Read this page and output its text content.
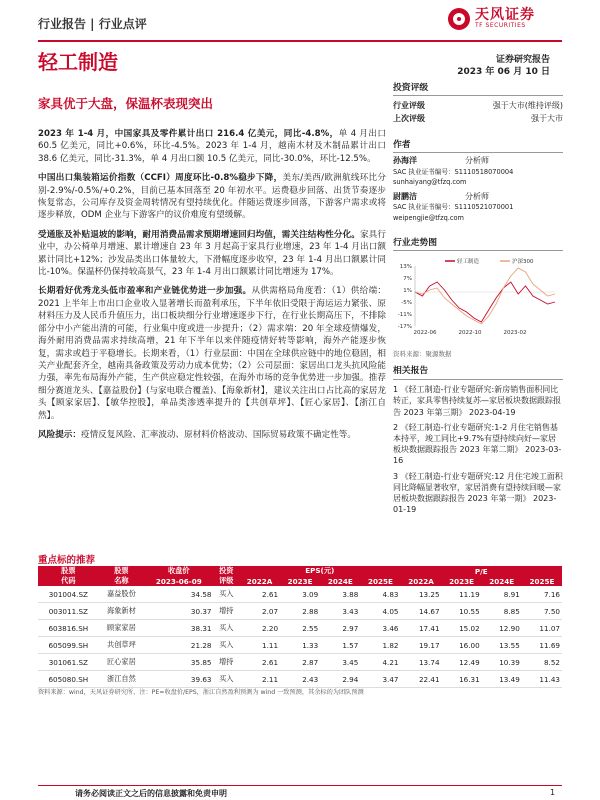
行业报告 | 行业点评
天风证券
TF SECURITIES
轻工制造	证券研究报告
2023 年 06 月 10 日
家具优于大盘，保温杯表现突出

2023 年 1-4 月，中国家具及零件累计出口 216.4 亿美元，同比-4.8%，单 4 月出口 60.5 亿美元，同比+0.6%，环比-4.5%。2023 年 1-4 月，越南木材及木制品累计出口 38.6 亿美元，同比-31.3%，单 4 月出口额 10.5 亿美元，同比-30.0%，环比-12.5%。

中国出口集装箱运价指数（CCFI）周度环比-0.8%稳步下降，美东/美西/欧洲航线环比分别-2.9%/-0.5%/+0.2%，目前已基本回落至 20 年初水平。运费稳步回落、出货节奏逐步恢复常态，公司库存及资金周转情况有望持续优化。伴随运费逐步回落，下游客户需求或将逐步释放，ODM 企业与下游客户的议价难度有望缓解。

受通胀及补贴退坡的影响，耐用消费品需求预期增速回归均值，需关注结构性分化。家具行业中，办公椅单月增速、累计增速自 23 年 3 月起高于家具行业增速，23 年 1-4 月出口额累计同比+12%；沙发品类出口体量较大，下滑幅度逐步收窄，23 年 1-4 月出口额累计同比-10%。保温杯仍保持较高景气，23 年 1-4 月出口额累计同比增速为 17%。

长期看好优秀龙头低市盈率和产业链优势进一步加强。从供需格局角度看：（1）供给端：2021 上半年上市出口企业收入显著增长而盈利承压，下半年依旧受限于海运运力紧张、原材料压力及人民币升值压力，出口板块细分行业增速逐步下行，在行业长期高压下，不排除部分中小产能出清的可能，行业集中度或进一步提升；（2）需求端：20 年全球疫情爆发，海外耐用消费品需求持续高增，21 年下半年以来伴随疫情好转等影响，海外产能逐步恢复，需求或趋于平稳增长。长期来看，（1）行业层面：中国在全球供应链中的地位稳固，相关产业配套齐全，越南具备政策及劳动力成本优势；（2）公司层面：家居出口龙头抗风险能力强，率先布局海外产能，生产供应稳定性较强，在海外市场的竞争优势进一步加强。推荐细分赛道龙头、【嘉益股份】(与家电联合覆盖)、【海象新材】，建议关注出口占比高的家居龙头【顾家家居】、【敏华控股】，单品类渗透率提升的【共创草坪】、【匠心家居】、【浙江自然】。

风险提示：疫情反复风险、汇率波动、原材料价格波动、国际贸易政策不确定性等。

投资评级
行业评级	强于大市(维持评级)
上次评级	强于大市
作者
孙海洋	分析师
SAC 执业证书编号：S1110518070004
sunhaiyang@tfzq.com
尉鹏洁	分析师
SAC 执业证书编号：S1110521070001
weipengjie@tfzq.com
行业走势图
13%
7%
1%
-5%
-11%
-17%
2022-06	2022-10	2023-02
轻工制造	沪深300
资料来源：聚源数据
相关报告
1 《轻工制造-行业专题研究:新房销售面积同比转正，家具零售持续复苏—家居板块数据跟踪报告 2023 年第三期》 2023-04-19
2 《轻工制造-行业专题研究:1-2 月住宅销售基本持平，竣工同比+9.7%有望持续向好—家居板块数据跟踪报告 2023 年第二期》 2023-03-16
3 《轻工制造-行业专题研究:12 月住宅竣工面积同比降幅显著收窄，家居消费有望持续回暖—家居板块数据跟踪报告 2023 年第一期》 2023-01-19
重点标的推荐
股票	股票	收盘价	投资	EPS(元)				P/E			
代码	名称	2023-06-09	评级	2022A	2023E	2024E	2025E	2022A	2023E	2024E	2025E
301004.SZ	嘉益股份	34.58	买入	2.61	3.09	3.88	4.83	13.25	11.19	8.91	7.16
003011.SZ	海象新材	30.37	增持	2.07	2.88	3.43	4.05	14.67	10.55	8.85	7.50
603816.SH	顾家家居	38.31	买入	2.20	2.55	2.97	3.46	17.41	15.02	12.90	11.07
605099.SH	共创草坪	21.28	买入	1.11	1.33	1.57	1.82	19.17	16.00	13.55	11.69
301061.SZ	匠心家居	35.85	增持	2.61	2.87	3.45	4.21	13.74	12.49	10.39	8.52
605080.SH	浙江自然	39.63	买入	2.11	2.43	2.94	3.47	22.41	16.31	13.49	11.43
资料来源：wind，天风证券研究所，注：PE=收盘价/EPS，浙江自然盈利预测为 wind 一致预测，其余标的为团队预测
请务必阅读正文之后的信息披露和免责申明	1
